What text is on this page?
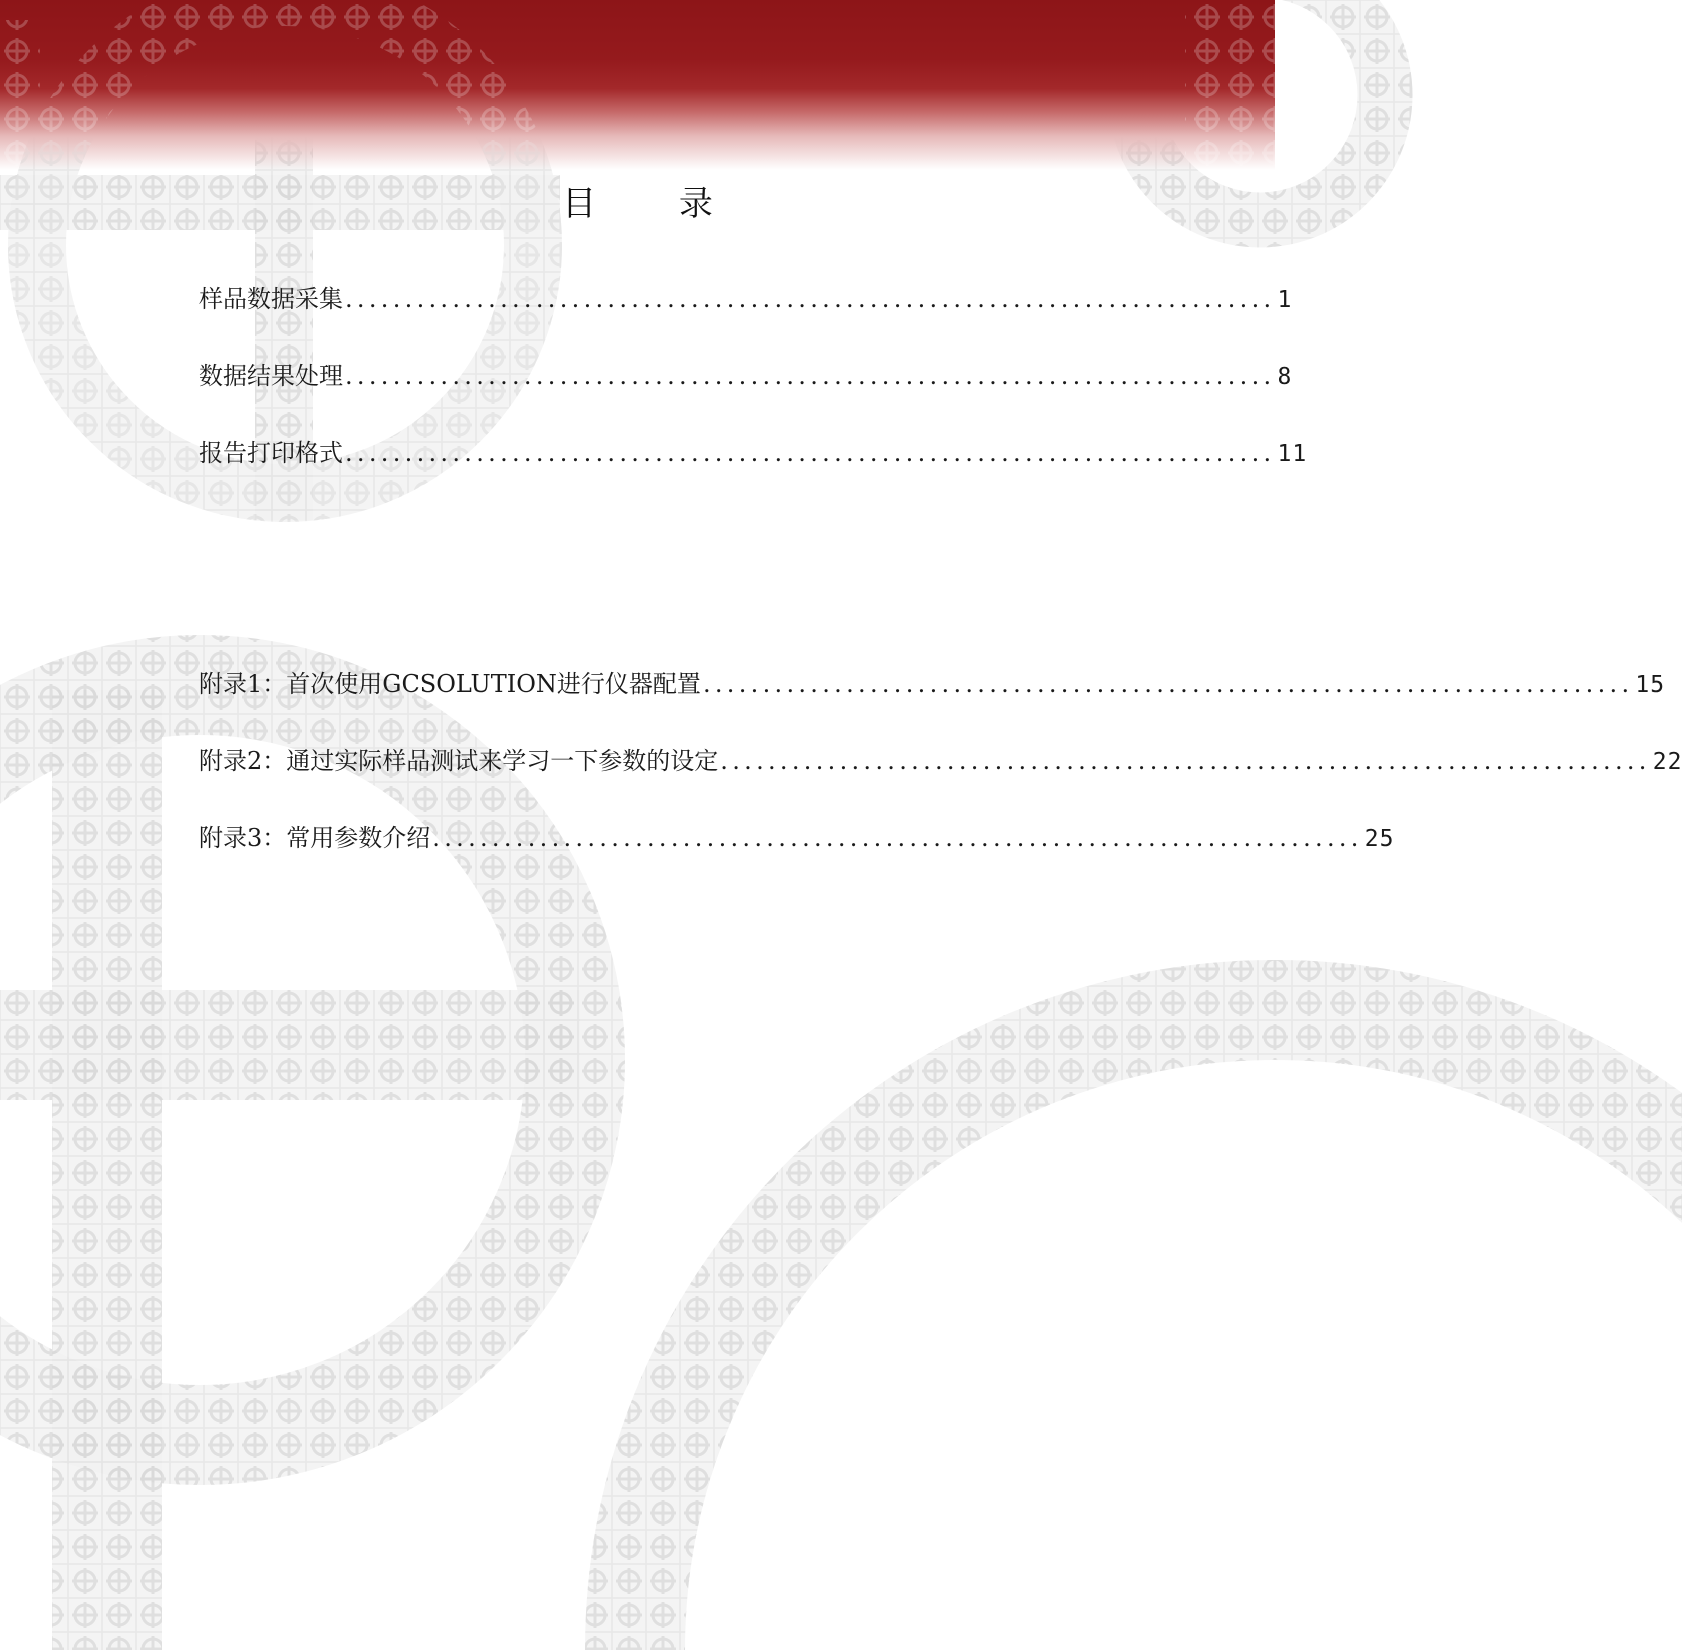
目 录
样品数据采集 .............................................................................. 1
数据结果处理 .............................................................................. 8
报告打印格式 .............................................................................. 11
附录1：首次使用GCSOLUTION进行仪器配置 .............................................................................. 15
附录2：通过实际样品测试来学习一下参数的设定 .............................................................................. 22
附录3：常用参数介绍 .............................................................................. 25
